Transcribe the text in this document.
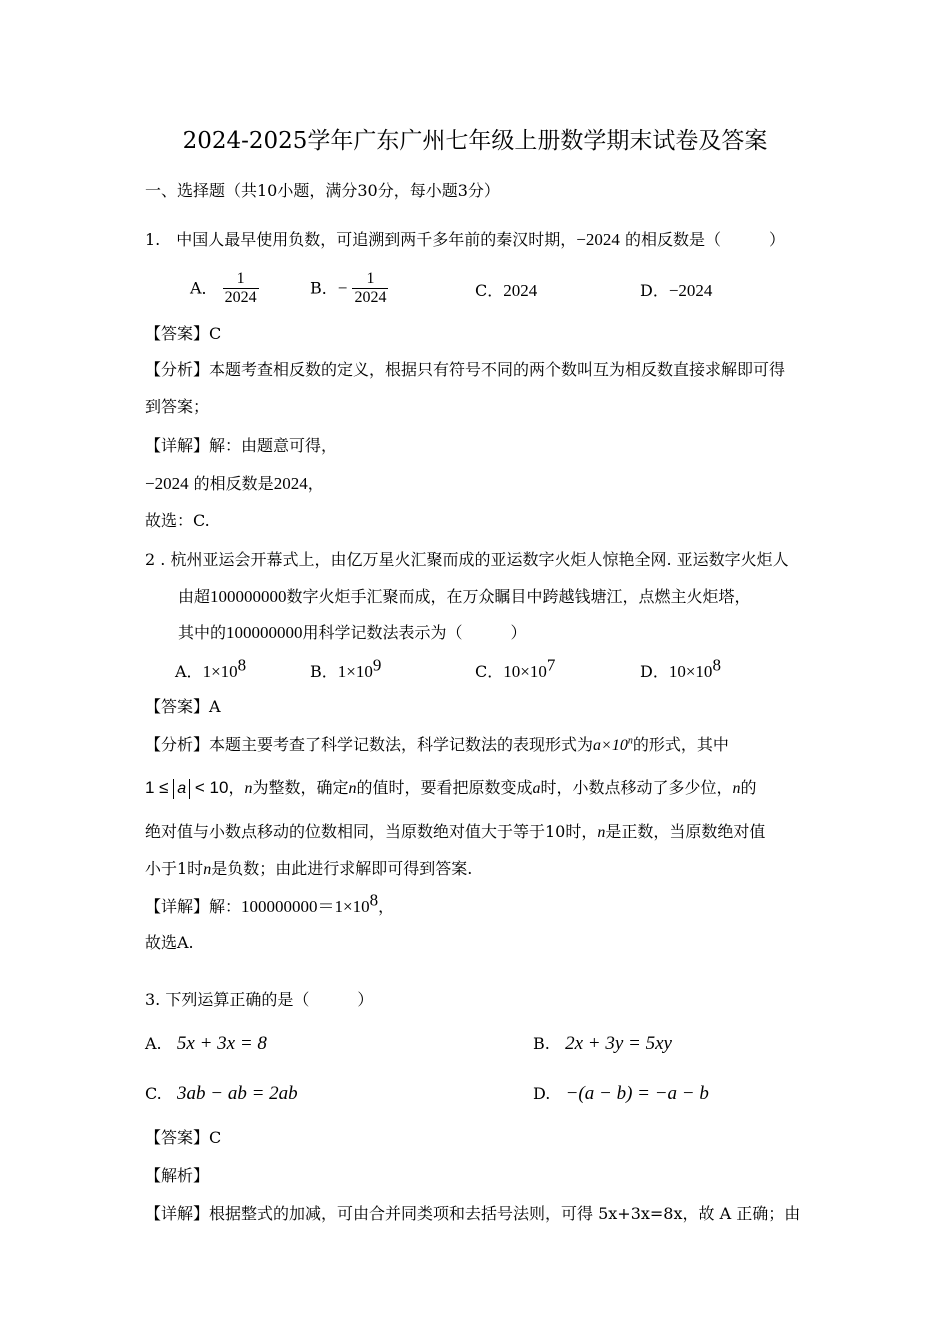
2024-2025学年广东广州七年级上册数学期末试卷及答案
一、选择题（共10小题，满分30分，每小题3分）
1.　中国人最早使用负数，可追溯到两千多年前的秦汉时期，−2024 的相反数是（　　　）
A． $\frac{1}{2024}$	B．− $\frac{1}{2024}$	C．2024	D．−2024
【答案】C
【分析】本题考查相反数的定义，根据只有符号不同的两个数叫互为相反数直接求解即可得
到答案；
【详解】解：由题意可得，
−2024 的相反数是2024，
故选：C.
2 . 杭州亚运会开幕式上，由亿万星火汇聚而成的亚运数字火炬人惊艳全网. 亚运数字火炬人
由超100000000数字火炬手汇聚而成，在万众瞩目中跨越钱塘江，点燃主火炬塔，
其中的100000000用科学记数法表示为（　　　）
A．$1\times 10^8$	B．$1\times 10^9$	C．$10\times 10^7$	D．$10\times 10^8$
【答案】A
【分析】本题主要考查了科学记数法，科学记数法的表现形式为$a\times 10^n$的形式，其中
1 ≤ a < 10，n为整数，确定n的值时，要看把原数变成a时，小数点移动了多少位，n的
绝对值与小数点移动的位数相同，当原数绝对值大于等于10时，n是正数，当原数绝对值
小于1时n是负数；由此进行求解即可得到答案.
【详解】解：$100000000=1\times 10^8$，
故选A.
3. 下列运算正确的是（　　　）
A. 5x + 3x = 8	B. 2x + 3y = 5xy
C. 3ab − ab = 2ab	D. −(a − b) = −a − b
【答案】C
【解析】
【详解】根据整式的加减，可由合并同类项和去括号法则，可得 5x+3x=8x，故 A 正确；由
